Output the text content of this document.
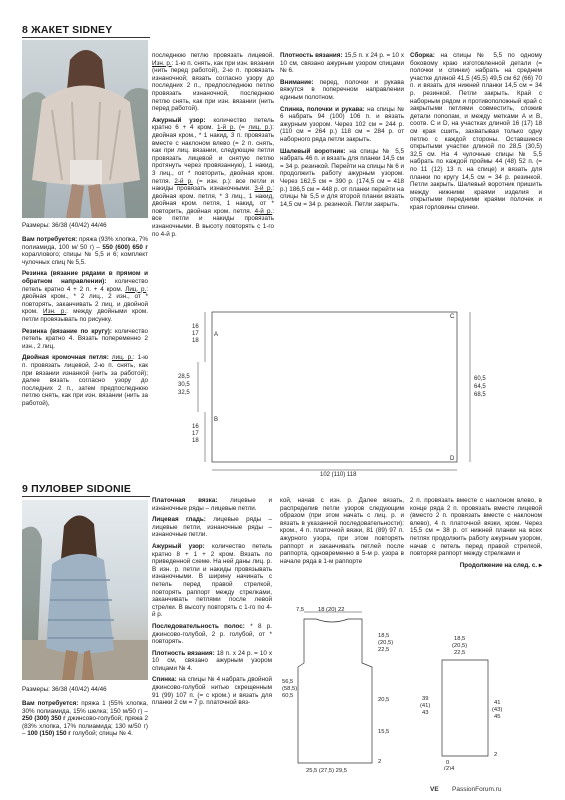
8 ЖАКЕТ SIDNEY

Размеры: 36/38 (40/42) 44/46

Вам потребуется: пряжа (93% хлопка, 7% полиамида, 100 м/ 50 г) – 550 (600) 650 г кораллового; спицы № 5,5 и 6; комплект чулочных спиц № 5,5.

Резинка (вязание рядами в прямом и обратном направлении): количество петель кратно 4 + 2 п. + 4 кром. Лиц. р.: двойная кром., * 2 лиц., 2 изн., от * повторять, заканчивать 2 лиц. и двойной кром. Изн. р.: между двойными кром. петли провязывать по рисунку.

Резинка (вязание по кругу): количество петель кратно 4. Вязать попеременно 2 изн., 2 лиц.

Двойная кромочная петля: лиц. р.: 1-ю п. провязать лицевой, 2-ю п. снять, как при вязании изнанкой (нить за работой); далее вязать согласно узору до последних 2 п., затем предпоследнюю петлю снять, как при изн. вязании (нить за работой),

последнюю петлю провязать лицевой. Изн. р.: 1-ю п. снять, как при изн. вязании (нить перед работой), 2-ю п. провязать изнаночной; вязать согласно узору до последних 2 п., предпоследнюю петлю провязать изнаночной, последнюю петлю снять, как при изн. вязании (нить перед работой).

Ажурный узор: количество петель кратно 6 + 4 кром. 1-й р. (= лиц. р.): двойная кром., * 1 накид, 3 п. провязать вместе с наклоном влево (= 2 п. снять, как при лиц. вязании, следующие петли провязать лицевой и снятую петлю протянуть через провязанную), 1 накид, 3 лиц., от * повторить, двойная кром. петля. 2-й р. (= изн. р.): все петли и накиды провязать изнаночными. 3-й р.: двойная кром. петля, * 3 лиц., 1 накид, двойная кром. петля, 1 накид, от * повторить, двойная кром. петля. 4-й р.: все петли и накиды провязать изнаночными. В высоту повторять с 1-го по 4-й р.

Плотность вязания: 15,5 п. х 24 р. = 10 х 10 см, связано ажурным узором спицами № 6.

Внимание: перед, полочки и рукава вяжутся в поперечном направлении единым полотном.

Спинка, полочки и рукава: на спицы № 6 набрать 94 (100) 106 п. и вязать ажурным узором. Через 102 см = 244 р. (110 см = 264 р.) 118 см = 284 р. от наборного ряда петли закрыть.

Шалевый воротник: на спицы № 5,5 набрать 46 п. и вязать для планки 14,5 см = 34 р. резинкой. Перейти на спицы № 6 и продолжить работу ажурным узором. Через 162,5 см = 390 р. (174,5 см = 418 р.) 186,5 см = 448 р. от планки перейти на спицы № 5,5 и для второй планки вязать 14,5 см = 34 р. резинкой. Петли закрыть.

Сборка: на спицы № 5,5 по одному боковому краю изготовленной детали (= полочки и спинки) набрать на среднем участке длиной 41,5 (45,5) 49,5 см 62 (66) 70 п. и вязать для нижней планки 14,5 см = 34 р. резинкой. Петли закрыть. Край с наборным рядом и противоположный край с закрытыми петлями совместить, сложив детали пополам, и между метками A и B, соотв. C и D, на участках длиной 16 (17) 18 см края сшить, захватывая только одну петлю с каждой стороны. Оставшиеся открытыми участки длиной по 28,5 (30,5) 32,5 см. На 4 чулочные спицы № 5,5 набрать по каждой проймы 44 (48) 52 п. (= по 11 (12) 13 п. на спице) и вязать для планки по кругу 14,5 см = 34 р. резинкой. Петли закрыть. Шалевый воротник пришить между нижними краями изделия и открытыми передними краями полочек и края горловины спинки.

16
17
18
A
28,5
30,5
32,5
16
17
18
B
C
D
60,5
64,5
68,5
102 (110) 118
9 ПУЛОВЕР SIDONIE

Размеры: 36/38 (40/42) 44/46

Вам потребуется: пряжа 1 (55% хлопка, 30% полиамида, 15% шелка; 150 м/50 г) – 250 (300) 350 г джинсово-голубой; пряжа 2 (83% хлопка, 17% полиамида; 130 м/50 г) – 100 (150) 150 г голубой; спицы № 4.

Платочная вязка: лицевые и изнаночные ряды – лицевые петли.

Лицевая гладь: лицевые ряды – лицевые петли, изнаночные ряды – изнаночные петли.

Ажурный узор: количество петель кратно 8 + 1 + 2 кром. Вязать по приведенной схеме. На ней даны лиц. р. В изн. р. петли и накиды провязывать изнаночными. В ширину начинать с петель перед правой стрелкой, повторять раппорт между стрелками, заканчивать петлями после левой стрелки. В высоту повторять с 1-го по 4-й р.

Последовательность полос: * 8 р. джинсово-голубой, 2 р. голубой, от * повторять.

Плотность вязания: 18 п. х 24 р. = 10 х 10 см, связано ажурным узором спицами № 4.

Спинка: на спицы № 4 набрать двойной джинсово-голубой нитью скрещенным 91 (99) 107 п. (= с кром.) и вязать для планки 2 см = 7 р. платочной вяз-

кой, начав с изн. р. Далее вязать, распределив петли узоров следующим образом (при этом начать с лиц. р. и вязать в указанной последовательности): кром., 4 п. платочной вязки, 81 (89) 97 п. ажурного узора, при этом повторять раппорт и заканчивать петлей после раппорта, одновременно в 5-м р. узора в начале ряда в 1-м раппорте

2 п. провязать вместе с наклоном влево, в конце ряда 2 п. провязать вместе лицевой (вместо 2 п. провязать вместе с наклоном влево), 4 п. платочной вязки, кром. Через 15,5 см = 38 р. от нижней планки на всех петлях продолжить работу ажурным узором, начав с петель перед правой стрелкой, повторяя раппорт между стрелками и

Продолжение на след. с. ▸

7,5 18 (20) 22
18,5
(20,5)
22,5
56,5
(58,5)
60,5
20,5
15,5
25,5 (27,5) 29,5
2
18,5
(20,5)
22,5
39
(41)
43
41
(43)
45
0
(2)4
2
VE PassionForum.ru
